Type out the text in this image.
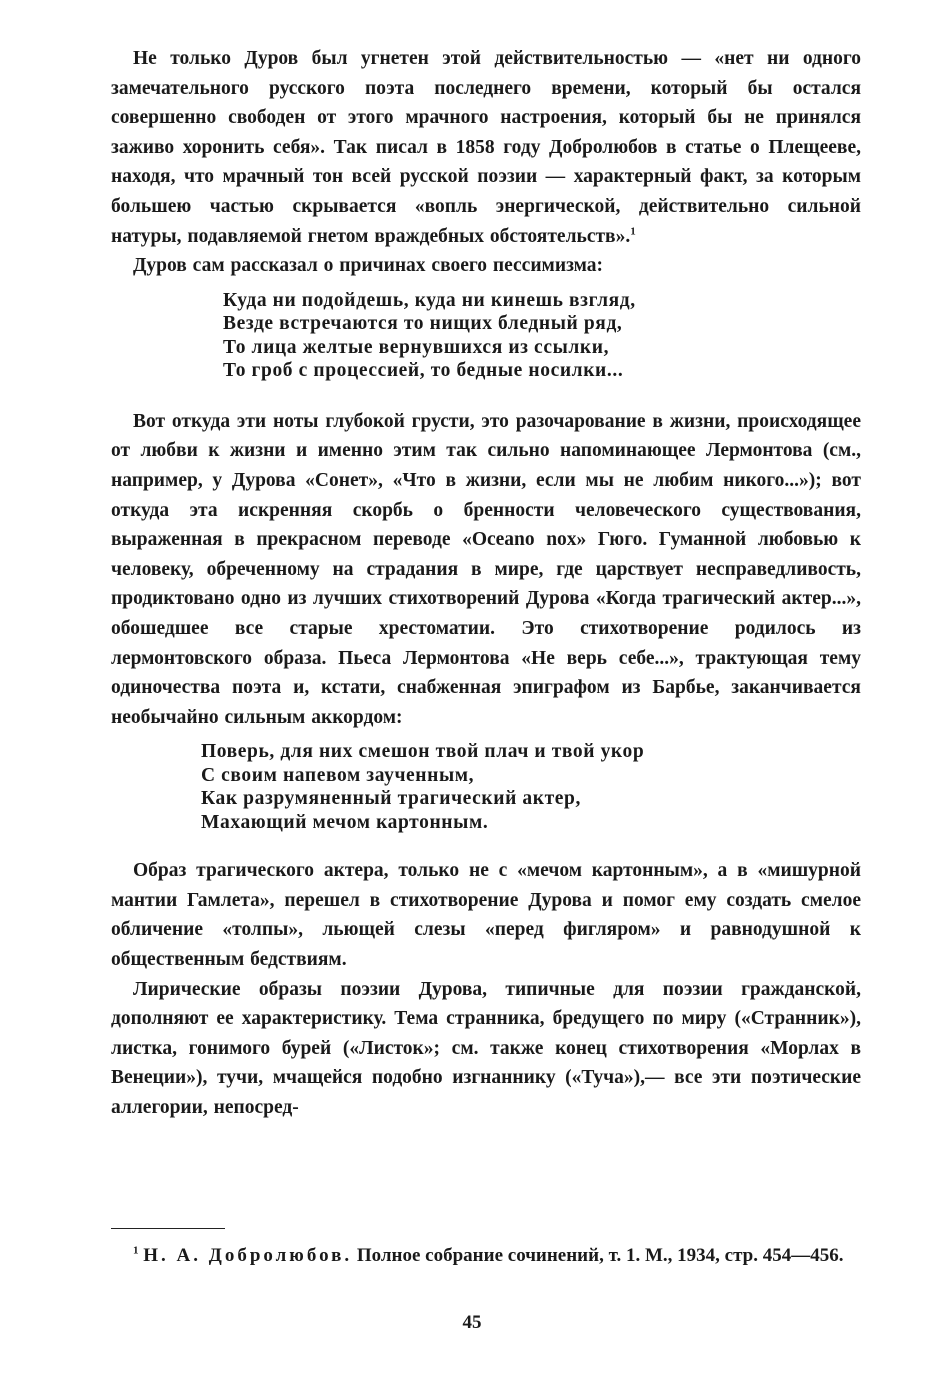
Не только Дуров был угнетен этой действительностью — «нет ни одного замечательного русского поэта последнего времени, который бы остался совершенно свободен от этого мрачного настроения, который бы не принялся заживо хоронить себя». Так писал в 1858 году Добролюбов в статье о Плещееве, находя, что мрачный тон всей русской поэзии — характерный факт, за которым большею частью скрывается «вопль энергической, действительно сильной натуры, подавляемой гнетом враждебных обстоятельств».$^1$

Дуров сам рассказал о причинах своего пессимизма:

Куда ни подойдешь, куда ни кинешь взгляд,
Везде встречаются то нищих бледный ряд,
То лица желтые вернувшихся из ссылки,
То гроб с процессией, то бедные носилки...

Вот откуда эти ноты глубокой грусти, это разочарование в жизни, происходящее от любви к жизни и именно этим так сильно напоминающее Лермонтова (см., например, у Дурова «Сонет», «Что в жизни, если мы не любим никого...»); вот откуда эта искренняя скорбь о бренности человеческого существования, выраженная в прекрасном переводе «Oceano nox» Гюго. Гуманной любовью к человеку, обреченному на страдания в мире, где царствует несправедливость, продиктовано одно из лучших стихотворений Дурова «Когда трагический актер...», обошедшее все старые хрестоматии. Это стихотворение родилось из лермонтовского образа. Пьеса Лермонтова «Не верь себе...», трактующая тему одиночества поэта и, кстати, снабженная эпиграфом из Барбье, заканчивается необычайно сильным аккордом:

Поверь, для них смешон твой плач и твой укор
С своим напевом заученным,
Как разрумяненный трагический актер,
Махающий мечом картонным.

Образ трагического актера, только не с «мечом картонным», а в «мишурной мантии Гамлета», перешел в стихотворение Дурова и помог ему создать смелое обличение «толпы», льющей слезы «перед фигляром» и равнодушной к общественным бедствиям.

Лирические образы поэзии Дурова, типичные для поэзии гражданской, дополняют ее характеристику. Тема странника, бредущего по миру («Странник»), листка, гонимого бурей («Листок»; см. также конец стихотворения «Морлах в Венеции»), тучи, мчащейся подобно изгнаннику («Туча»),— все эти поэтические аллегории, непосред-

$^1$ Н. А. Добролюбов. Полное собрание сочинений, т. 1. М., 1934, стр. 454—456.
45
